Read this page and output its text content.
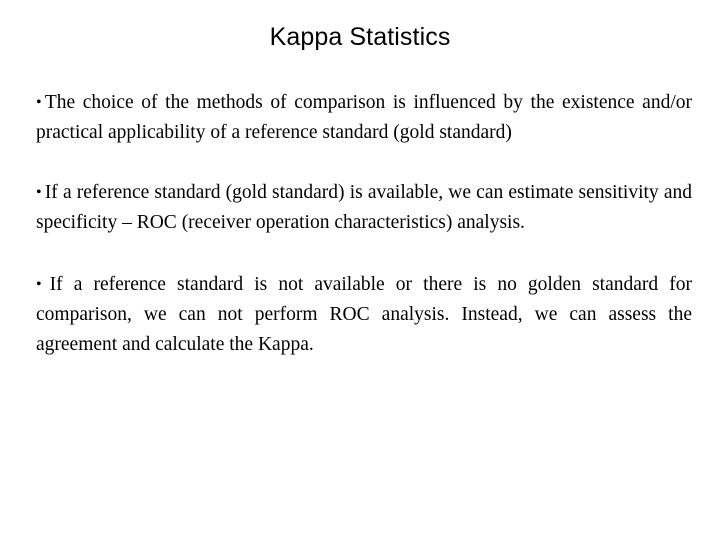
Kappa Statistics

• The choice of the methods of comparison is influenced by the existence and/or practical applicability of a reference standard (gold standard)

• If a reference standard (gold standard) is available, we can estimate sensitivity and specificity – ROC (receiver operation characteristics) analysis.

• If a reference standard is not available or there is no golden standard for comparison, we can not perform ROC analysis. Instead, we can assess the agreement and calculate the Kappa.
